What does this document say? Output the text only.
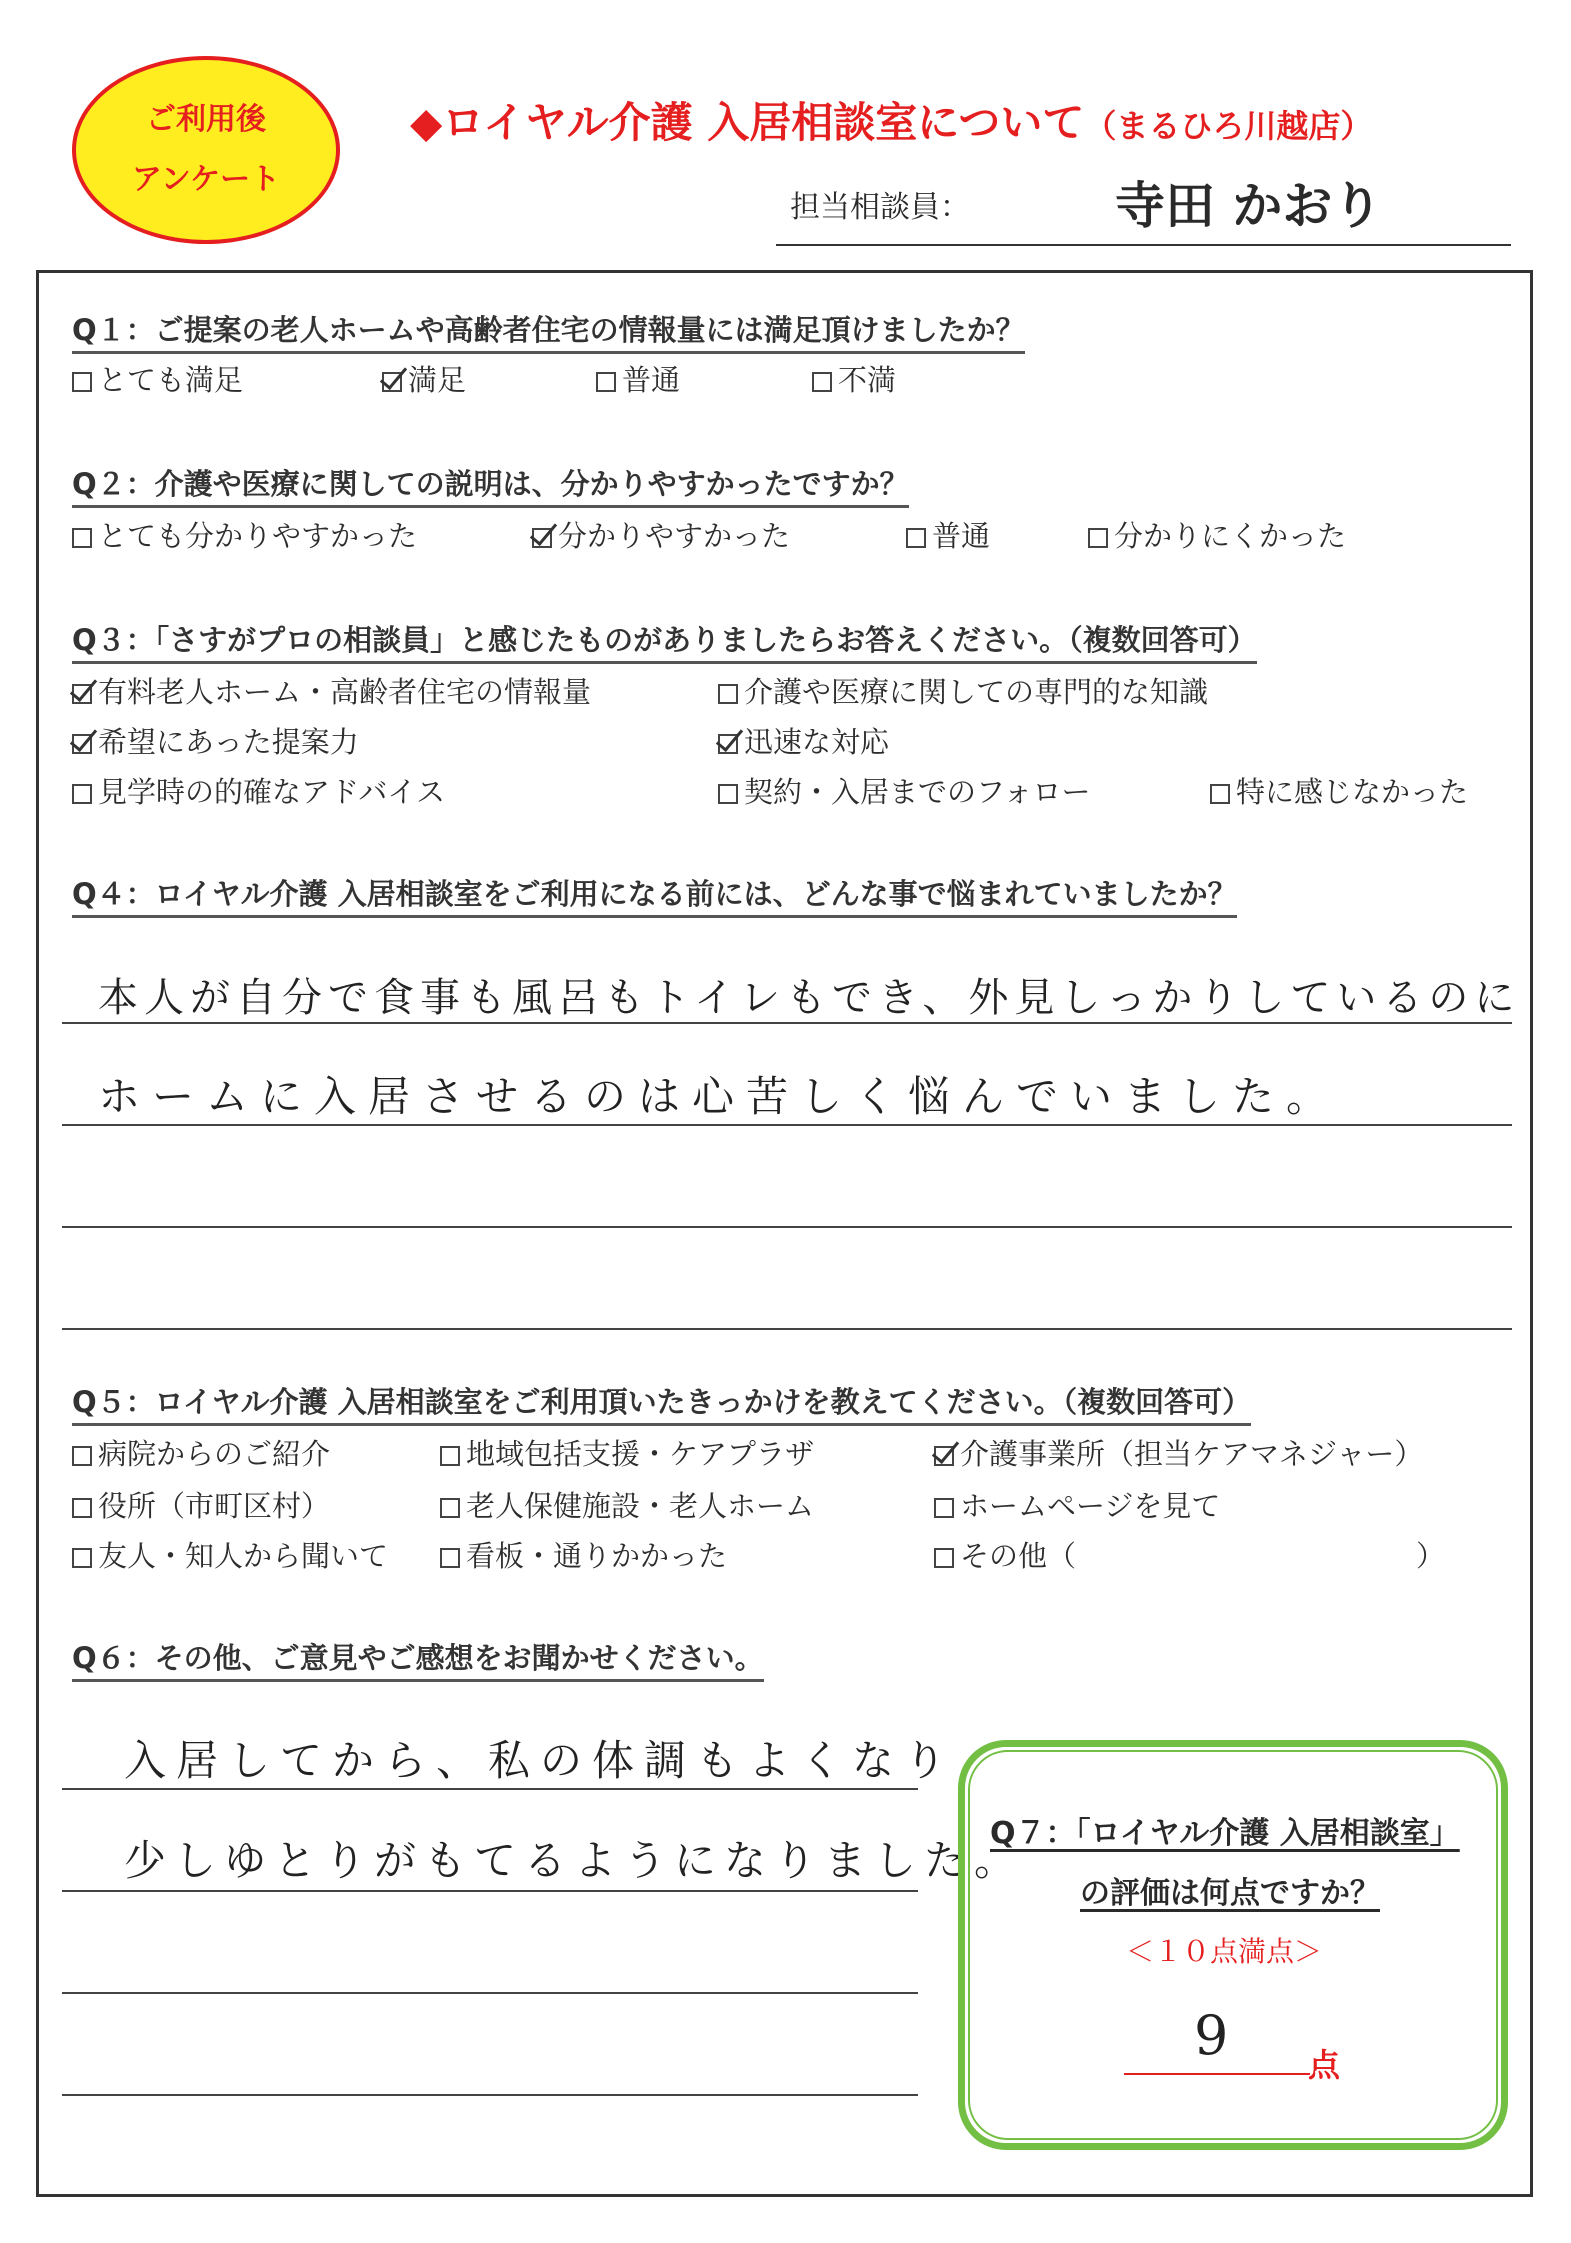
ご利用後
アンケート
◆ロイヤル介護 入居相談室について（まるひろ川越店）
担当相談員：	寺田 かおり
Q１：ご提案の老人ホームや高齢者住宅の情報量には満足頂けましたか？
とても満足	満足	普通	不満
Q２：介護や医療に関しての説明は、分かりやすかったですか？
とても分かりやすかった	分かりやすかった	普通	分かりにくかった
Q３：「さすがプロの相談員」と感じたものがありましたらお答えください。（複数回答可）
有料老人ホーム・高齢者住宅の情報量	介護や医療に関しての専門的な知識
希望にあった提案力	迅速な対応
見学時の的確なアドバイス	契約・入居までのフォロー	特に感じなかった
Q４：ロイヤル介護 入居相談室をご利用になる前には、どんな事で悩まれていましたか？
本人が自分で食事も風呂もトイレもでき、外見しっかりしているのに
ホームに入居させるのは心苦しく悩んでいました。
Q５：ロイヤル介護 入居相談室をご利用頂いたきっかけを教えてください。（複数回答可）
病院からのご紹介	地域包括支援・ケアプラザ	介護事業所（担当ケアマネジャー）
役所（市町区村）	老人保健施設・老人ホーム	ホームページを見て
友人・知人から聞いて	看板・通りかかった	その他（	）
Q６：その他、ご意見やご感想をお聞かせください。
入居してから、私の体調もよくなり
少しゆとりがもてるようになりました。
Q７：「ロイヤル介護 入居相談室」
の評価は何点ですか？
＜１０点満点＞
9 点
